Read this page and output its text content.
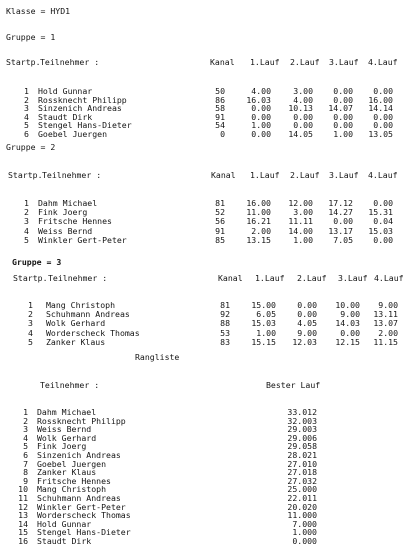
Klasse = HYD1
Gruppe = 1
Startp. Teilnehmer :	Kanal 1.Lauf 2.Lauf 3.Lauf 4.Lauf
1 Hold Gunnar	50	4.00	3.00 0.00 0.00
2 Rossknecht Philipp	86	16.03	4.00 0.00 16.00
3 Sinzenich Andreas	58	0.00 10.13 14.07 14.14
4 Staudt Dirk	91	0.00	0.00 0.00 0.00
5 Stengel Hans-Dieter	54	1.00	0.00 0.00 0.00
6 Goebel Juergen	0	0.00 14.05 1.00 13.05
Gruppe = 2
Startp. Teilnehmer :	Kanal 1.Lauf 2.Lauf 3.Lauf 4.Lauf
1 Dahm Michael	81	16.00 12.00 17.12 0.00
2 Fink Joerg	52	11.00	3.00 14.27 15.31
3 Fritsche Hennes	56	16.21 11.11 0.00 0.04
4 Weiss Bernd	91	2.00 14.00 13.17 15.03
5 Winkler Gert-Peter	85	13.15	1.00 7.05 0.00
Gruppe = 3
Startp. Teilnehmer :	Kanal 1.Lauf 2.Lauf 3.Lauf 4.Lauf
1 Mang Christoph	81	15.00	0.00 10.00 9.00
2 Schuhmann Andreas	92	6.05	0.00	9.00 13.11
3 Wolk Gerhard	88	15.03	4.05 14.03 13.07
4 Worderscheck Thomas	53	1.00	9.00	0.00 2.00
5 Zanker Klaus	83	15.15 12.03 12.15 11.15
Rangliste
Teilnehmer :	Bester Lauf
1 Dahm Michael	33.012
2 Rossknecht Philipp	32.003
3 Weiss Bernd	29.003
4 Wolk Gerhard	29.006
5 Fink Joerg	29.058
6 Sinzenich Andreas	28.021
7 Goebel Juergen	27.010
8 Zanker Klaus	27.018
9 Fritsche Hennes	27.032
10 Mang Christoph	25.000
11 Schuhmann Andreas	22.011
12 Winkler Gert-Peter	20.020
13 Worderscheck Thomas	11.000
14 Hold Gunnar	7.000
15 Stengel Hans-Dieter	1.000
16 Staudt Dirk	0.000
